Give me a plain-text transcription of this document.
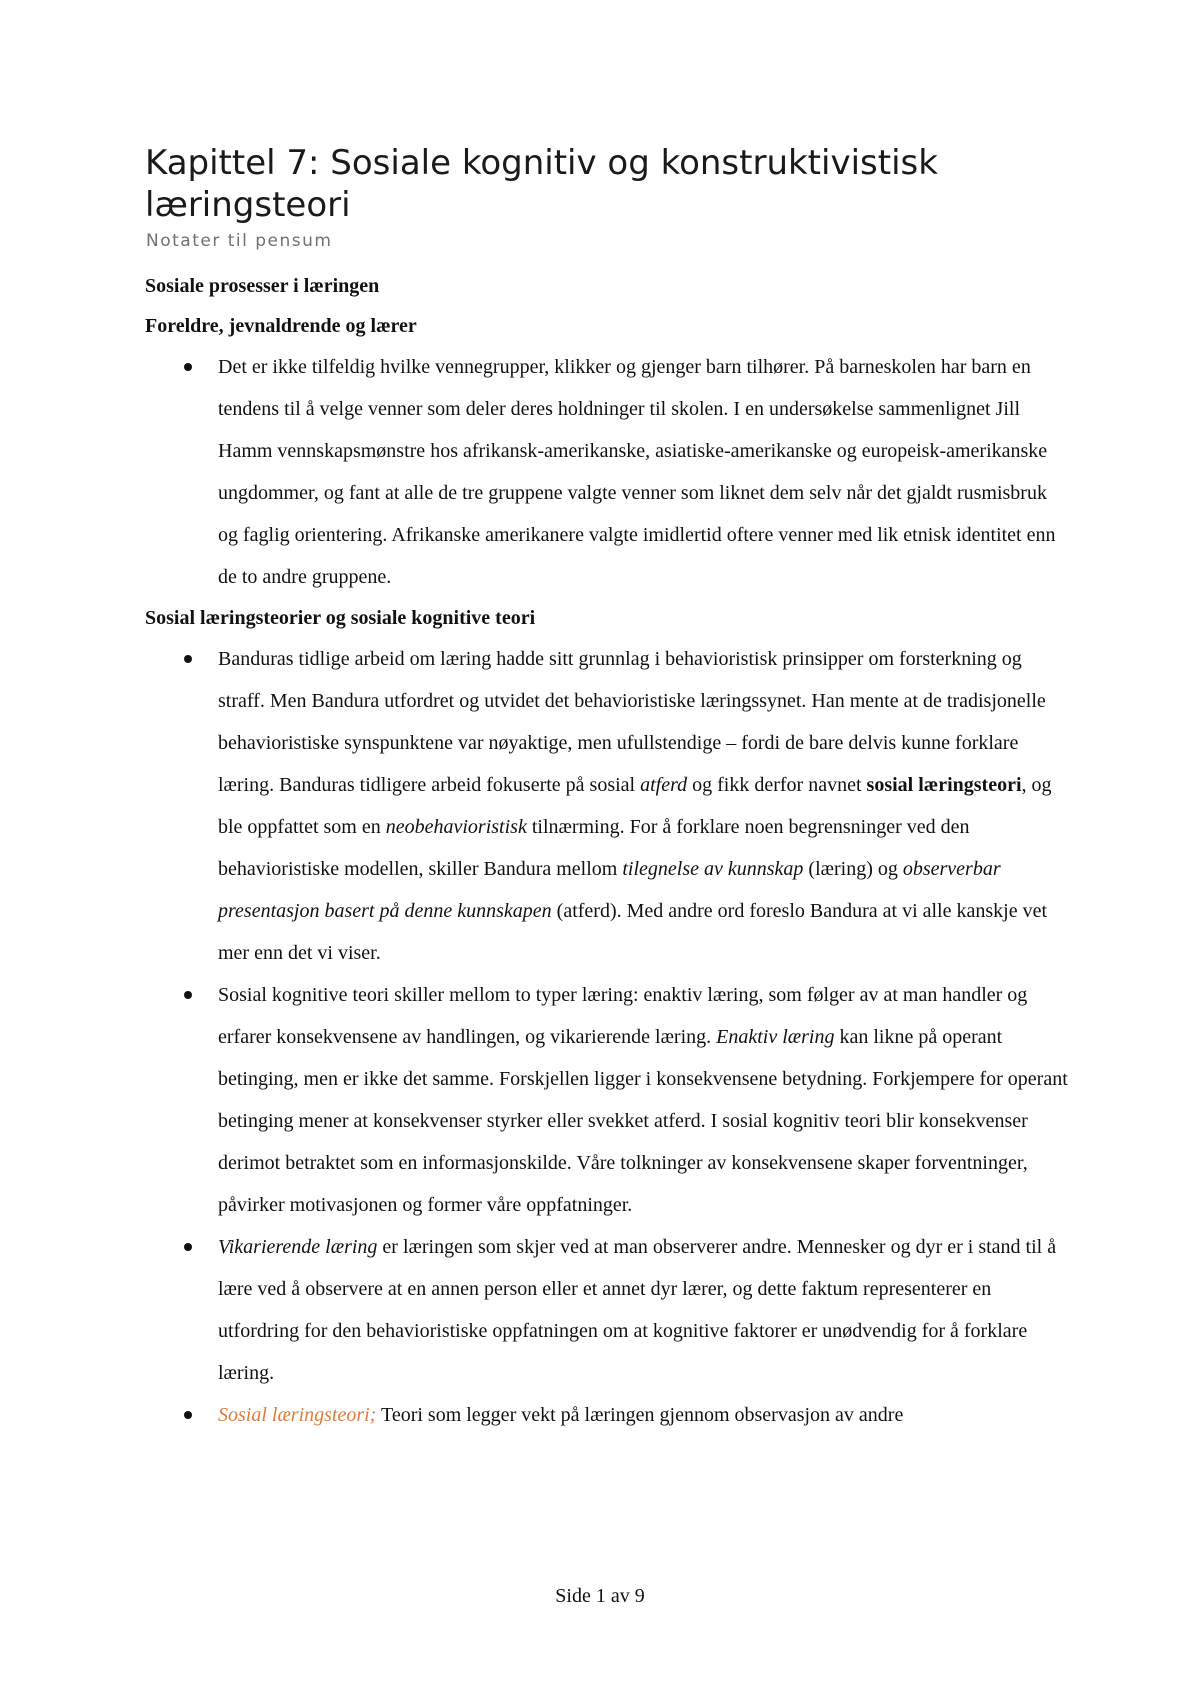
Kapittel 7: Sosiale kognitiv og konstruktivistisk læringsteori

Notater til pensum

Sosiale prosesser i læringen

Foreldre, jevnaldrende og lærer

Det er ikke tilfeldig hvilke vennegrupper, klikker og gjenger barn tilhører. På barneskolen har barn en tendens til å velge venner som deler deres holdninger til skolen. I en undersøkelse sammenlignet Jill Hamm vennskapsmønstre hos afrikansk-amerikanske, asiatiske-amerikanske og europeisk-amerikanske ungdommer, og fant at alle de tre gruppene valgte venner som liknet dem selv når det gjaldt rusmisbruk og faglig orientering. Afrikanske amerikanere valgte imidlertid oftere venner med lik etnisk identitet enn de to andre gruppene.

Sosial læringsteorier og sosiale kognitive teori

Banduras tidlige arbeid om læring hadde sitt grunnlag i behavioristisk prinsipper om forsterkning og straff. Men Bandura utfordret og utvidet det behavioristiske læringssynet. Han mente at de tradisjonelle behavioristiske synspunktene var nøyaktige, men ufullstendige – fordi de bare delvis kunne forklare læring. Banduras tidligere arbeid fokuserte på sosial atferd og fikk derfor navnet sosial læringsteori, og ble oppfattet som en neobehavioristisk tilnærming. For å forklare noen begrensninger ved den behavioristiske modellen, skiller Bandura mellom tilegnelse av kunnskap (læring) og observerbar presentasjon basert på denne kunnskapen (atferd). Med andre ord foreslo Bandura at vi alle kanskje vet mer enn det vi viser.
Sosial kognitive teori skiller mellom to typer læring: enaktiv læring, som følger av at man handler og erfarer konsekvensene av handlingen, og vikarierende læring. Enaktiv læring kan likne på operant betinging, men er ikke det samme. Forskjellen ligger i konsekvensene betydning. Forkjempere for operant betinging mener at konsekvenser styrker eller svekket atferd. I sosial kognitiv teori blir konsekvenser derimot betraktet som en informasjonskilde. Våre tolkninger av konsekvensene skaper forventninger, påvirker motivasjonen og former våre oppfatninger.
Vikarierende læring er læringen som skjer ved at man observerer andre. Mennesker og dyr er i stand til å lære ved å observere at en annen person eller et annet dyr lærer, og dette faktum representerer en utfordring for den behavioristiske oppfatningen om at kognitive faktorer er unødvendig for å forklare læring.
Sosial læringsteori; Teori som legger vekt på læringen gjennom observasjon av andre
Side 1 av 9
